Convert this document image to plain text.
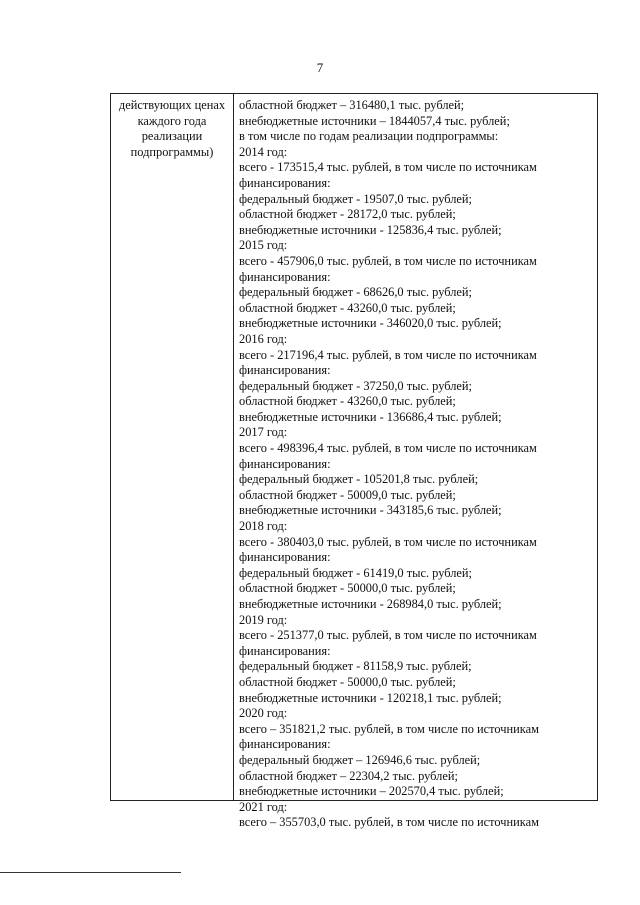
7
действующих ценах
каждого года
реализации
подпрограммы)
областной бюджет – 316480,1 тыс. рублей;
внебюджетные источники – 1844057,4 тыс. рублей;
в том числе по годам реализации подпрограммы:
2014 год:
всего - 173515,4 тыс. рублей, в том числе по источникам
финансирования:
федеральный бюджет - 19507,0 тыс. рублей;
областной бюджет - 28172,0 тыс. рублей;
внебюджетные источники - 125836,4 тыс. рублей;
2015 год:
всего - 457906,0 тыс. рублей, в том числе по источникам
финансирования:
федеральный бюджет - 68626,0 тыс. рублей;
областной бюджет - 43260,0 тыс. рублей;
внебюджетные источники - 346020,0 тыс. рублей;
2016 год:
всего - 217196,4 тыс. рублей, в том числе по источникам
финансирования:
федеральный бюджет - 37250,0 тыс. рублей;
областной бюджет - 43260,0 тыс. рублей;
внебюджетные источники - 136686,4 тыс. рублей;
2017 год:
всего - 498396,4 тыс. рублей, в том числе по источникам
финансирования:
федеральный бюджет - 105201,8 тыс. рублей;
областной бюджет - 50009,0 тыс. рублей;
внебюджетные источники - 343185,6 тыс. рублей;
2018 год:
всего - 380403,0 тыс. рублей, в том числе по источникам
финансирования:
федеральный бюджет - 61419,0 тыс. рублей;
областной бюджет - 50000,0 тыс. рублей;
внебюджетные источники - 268984,0 тыс. рублей;
2019 год:
всего - 251377,0 тыс. рублей, в том числе по источникам
финансирования:
федеральный бюджет - 81158,9 тыс. рублей;
областной бюджет - 50000,0 тыс. рублей;
внебюджетные источники - 120218,1 тыс. рублей;
2020 год:
всего – 351821,2 тыс. рублей, в том числе по источникам
финансирования:
федеральный бюджет – 126946,6 тыс. рублей;
областной бюджет – 22304,2 тыс. рублей;
внебюджетные источники – 202570,4 тыс. рублей;
2021 год:
всего – 355703,0 тыс. рублей, в том числе по источникам
